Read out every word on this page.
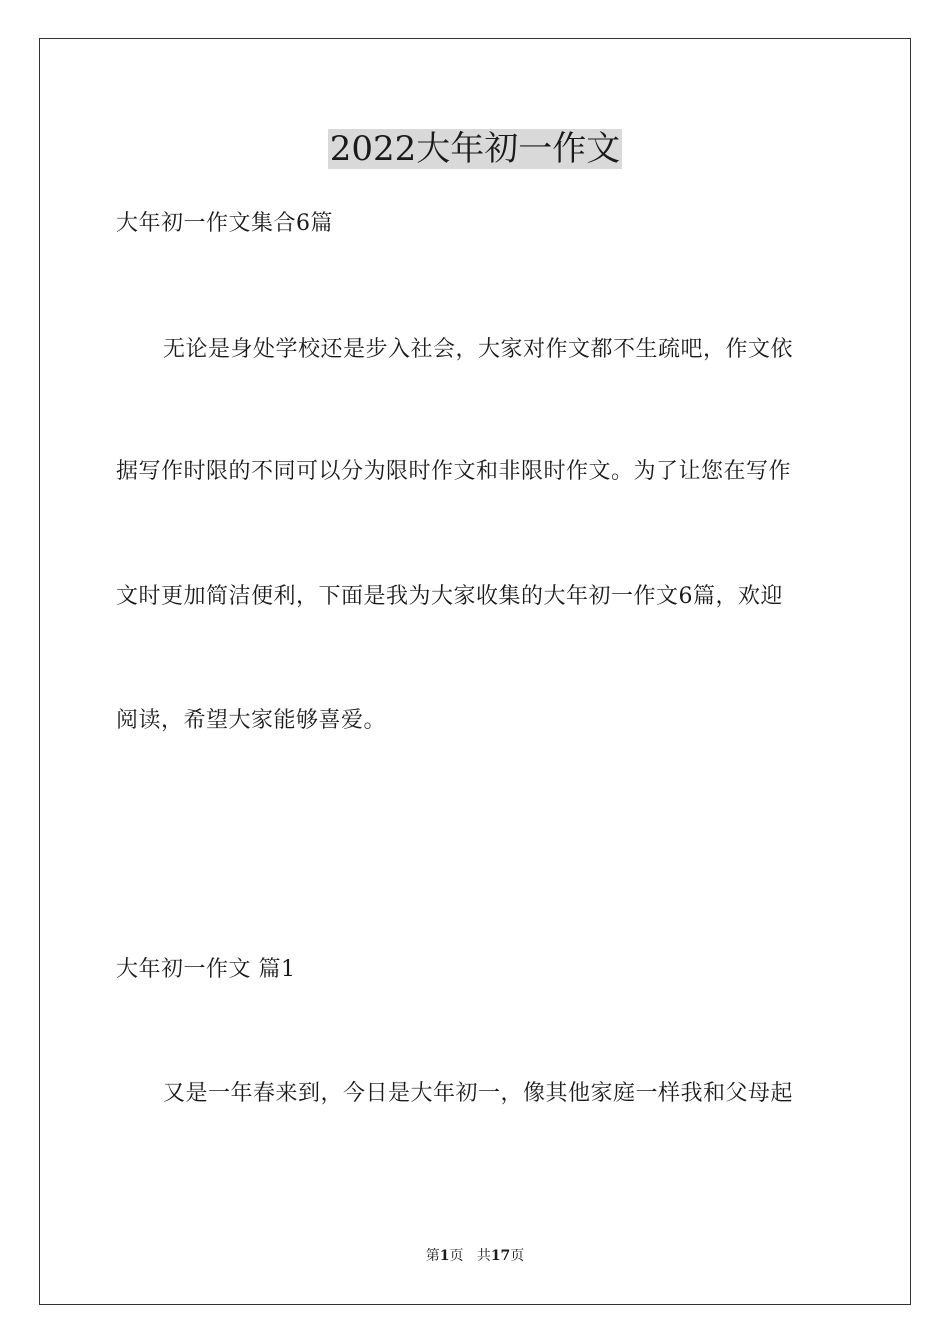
2022大年初一作文
大年初一作文集合6篇
无论是身处学校还是步入社会，大家对作文都不生疏吧，作文依
据写作时限的不同可以分为限时作文和非限时作文。为了让您在写作
文时更加简洁便利，下面是我为大家收集的大年初一作文6篇，欢迎
阅读，希望大家能够喜爱。
大年初一作文 篇1
又是一年春来到，今日是大年初一，像其他家庭一样我和父母起
第1页 共17页
